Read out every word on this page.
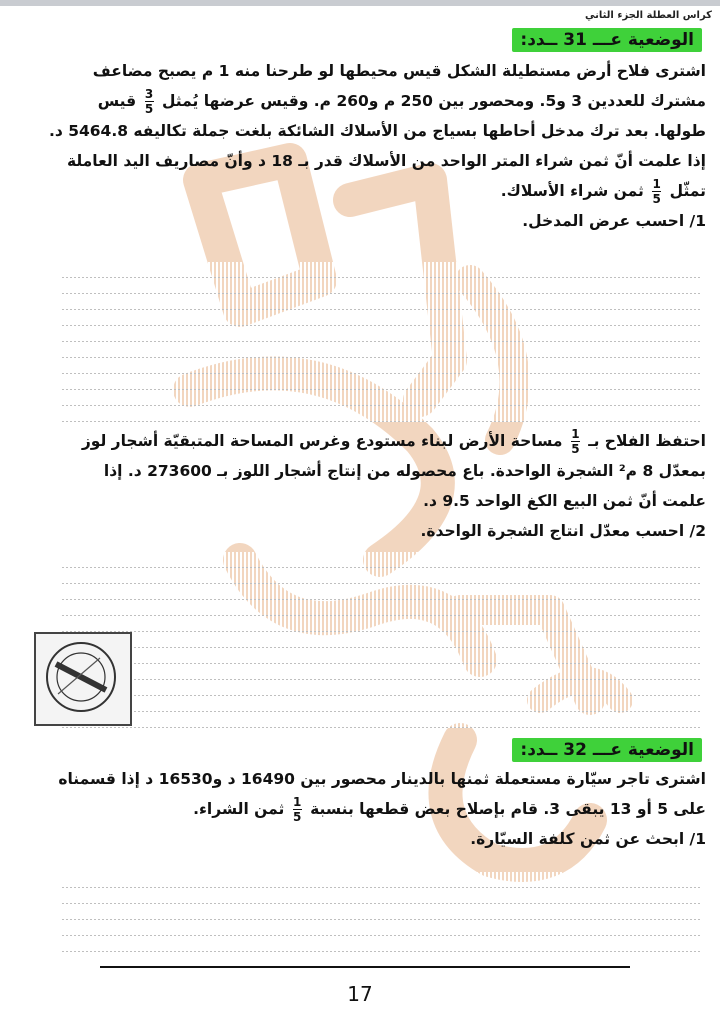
كراس العطلة الجزء الثاني
الوضعية عـــ 31 ــدد:
اشترى فلاح أرض مستطيلة الشكل قيس محيطها لو طرحنا منه 1 م يصبح مضاعف
مشترك للعددين 3 و5. ومحصور بين 250 م و260 م. وقيس عرضها يُمثل
$\frac{3}{5}$
قيس
طولها. بعد ترك مدخل أحاطها بسياج من الأسلاك الشائكة بلغت جملة تكاليفه 5464.8 د.
إذا علمت أنّ ثمن شراء المتر الواحد من الأسلاك قدر بـ 18 د وأنّ مصاريف اليد العاملة
تمثّل
$\frac{1}{5}$
ثمن شراء الأسلاك.
1/ احسب عرض المدخل.
احتفظ الفلاح بـ
$\frac{1}{5}$
مساحة الأرض لبناء مستودع وغرس المساحة المتبقيّة أشجار لوز
بمعدّل 8 م² الشجرة الواحدة. باع محصوله من إنتاج أشجار اللوز بـ 273600 د. إذا
علمت أنّ ثمن البيع الكغ الواحد 9.5 د.
2/ احسب معدّل انتاج الشجرة الواحدة.
الوضعية عـــ 32 ــدد:
اشترى تاجر سيّارة مستعملة ثمنها بالدينار محصور بين 16490 د و16530 د إذا قسمناه
على 5 أو 13 يبقى 3. قام بإصلاح بعض قطعها بنسبة
$\frac{1}{5}$
ثمن الشراء.
1/ ابحث عن ثمن كلفة السيّارة.
17
